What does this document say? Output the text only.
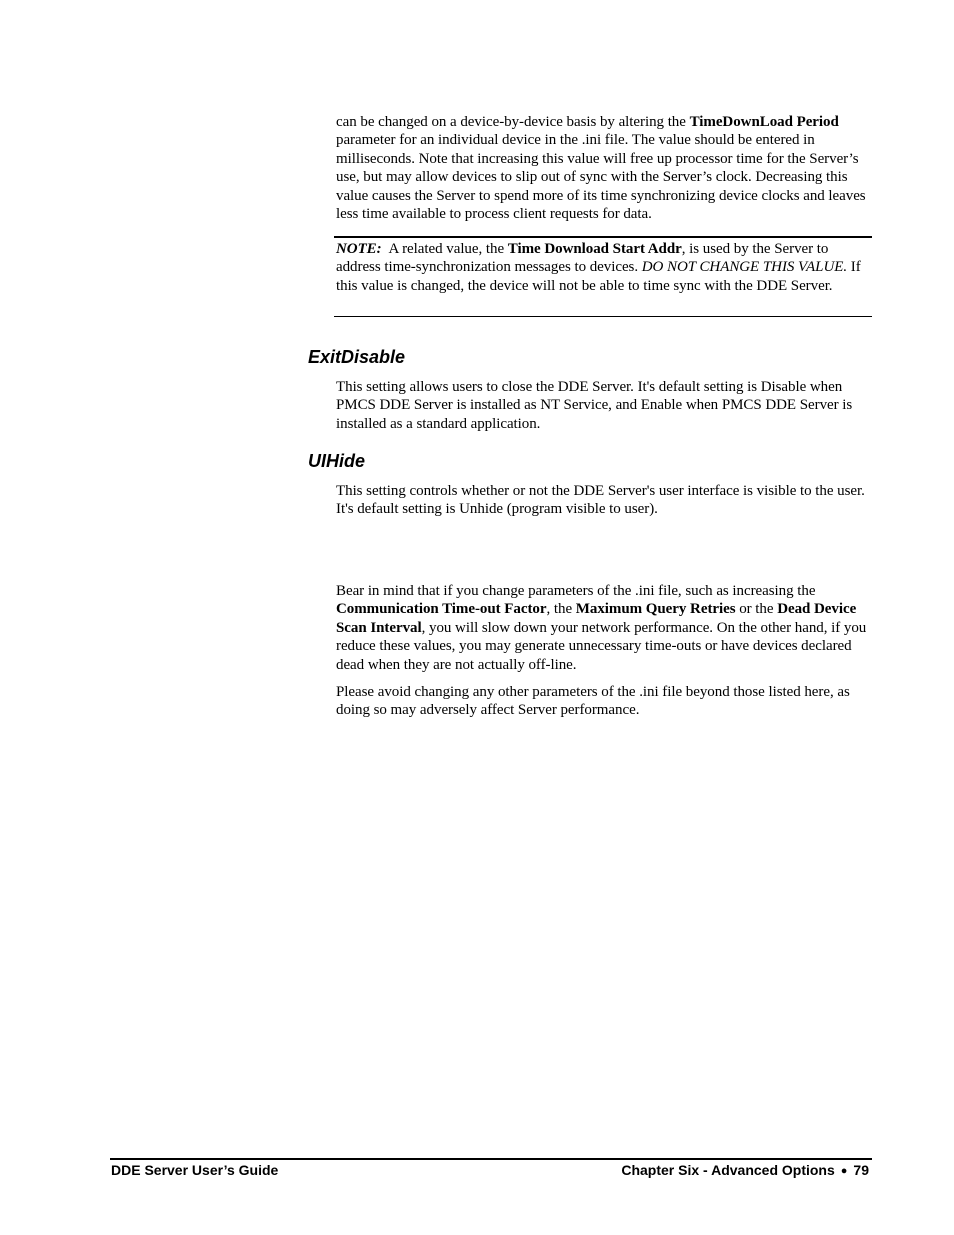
can be changed on a device-by-device basis by altering the TimeDownLoad Period parameter for an individual device in the .ini file. The value should be entered in milliseconds. Note that increasing this value will free up processor time for the Server’s use, but may allow devices to slip out of sync with the Server’s clock. Decreasing this value causes the Server to spend more of its time synchronizing device clocks and leaves less time available to process client requests for data.

NOTE: A related value, the Time Download Start Addr, is used by the Server to address time-synchronization messages to devices. DO NOT CHANGE THIS VALUE. If this value is changed, the device will not be able to time sync with the DDE Server.

ExitDisable

This setting allows users to close the DDE Server. It's default setting is Disable when PMCS DDE Server is installed as NT Service, and Enable when PMCS DDE Server is installed as a standard application.

UIHide

This setting controls whether or not the DDE Server's user interface is visible to the user. It's default setting is Unhide (program visible to user).

Bear in mind that if you change parameters of the .ini file, such as increasing the Communication Time-out Factor, the Maximum Query Retries or the Dead Device Scan Interval, you will slow down your network performance. On the other hand, if you reduce these values, you may generate unnecessary time-outs or have devices declared dead when they are not actually off-line.

Please avoid changing any other parameters of the .ini file beyond those listed here, as doing so may adversely affect Server performance.

DDE Server User’s Guide	Chapter Six - Advanced Options ● 79
